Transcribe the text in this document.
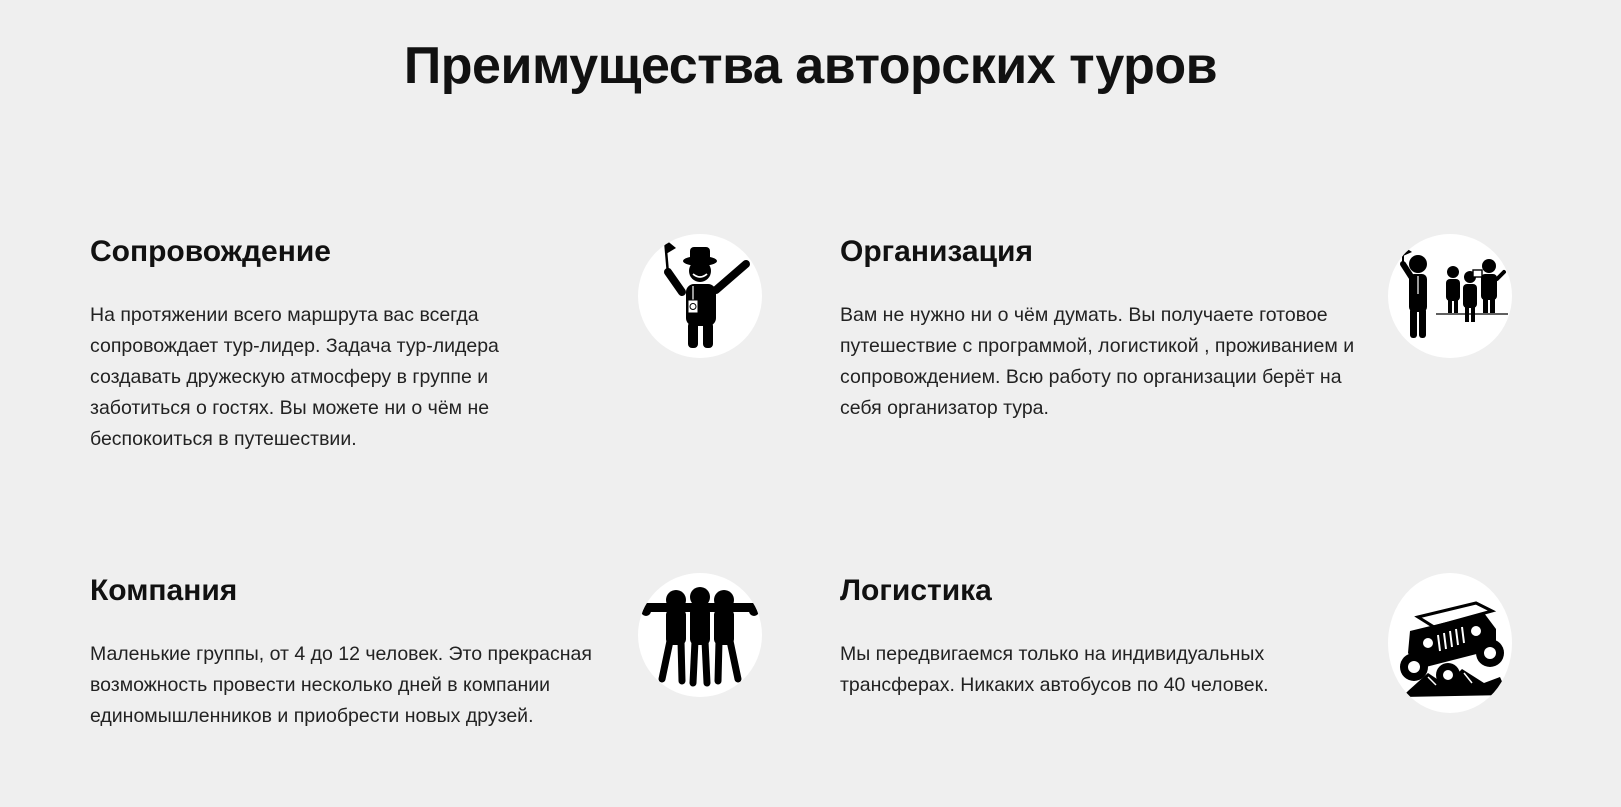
Преимущества авторских туров
Сопровождение

На протяжении всего маршрута вас всегда сопровождает тур-лидер. Задача тур-лидера создавать дружескую атмосферу в группе и заботиться о гостях. Вы можете ни о чём не беспокоиться в путешествии.

Организация

Вам не нужно ни о чём думать. Вы получаете готовое путешествие с программой, логистикой , проживанием и сопровождением. Всю работу по организации берёт на себя организатор тура.

Компания

Маленькие группы, от 4 до 12 человек. Это прекрасная возможность провести несколько дней в компании единомышленников и приобрести новых друзей.

Логистика

Мы передвигаемся только на индивидуальных трансферах. Никаких автобусов по 40 человек.
